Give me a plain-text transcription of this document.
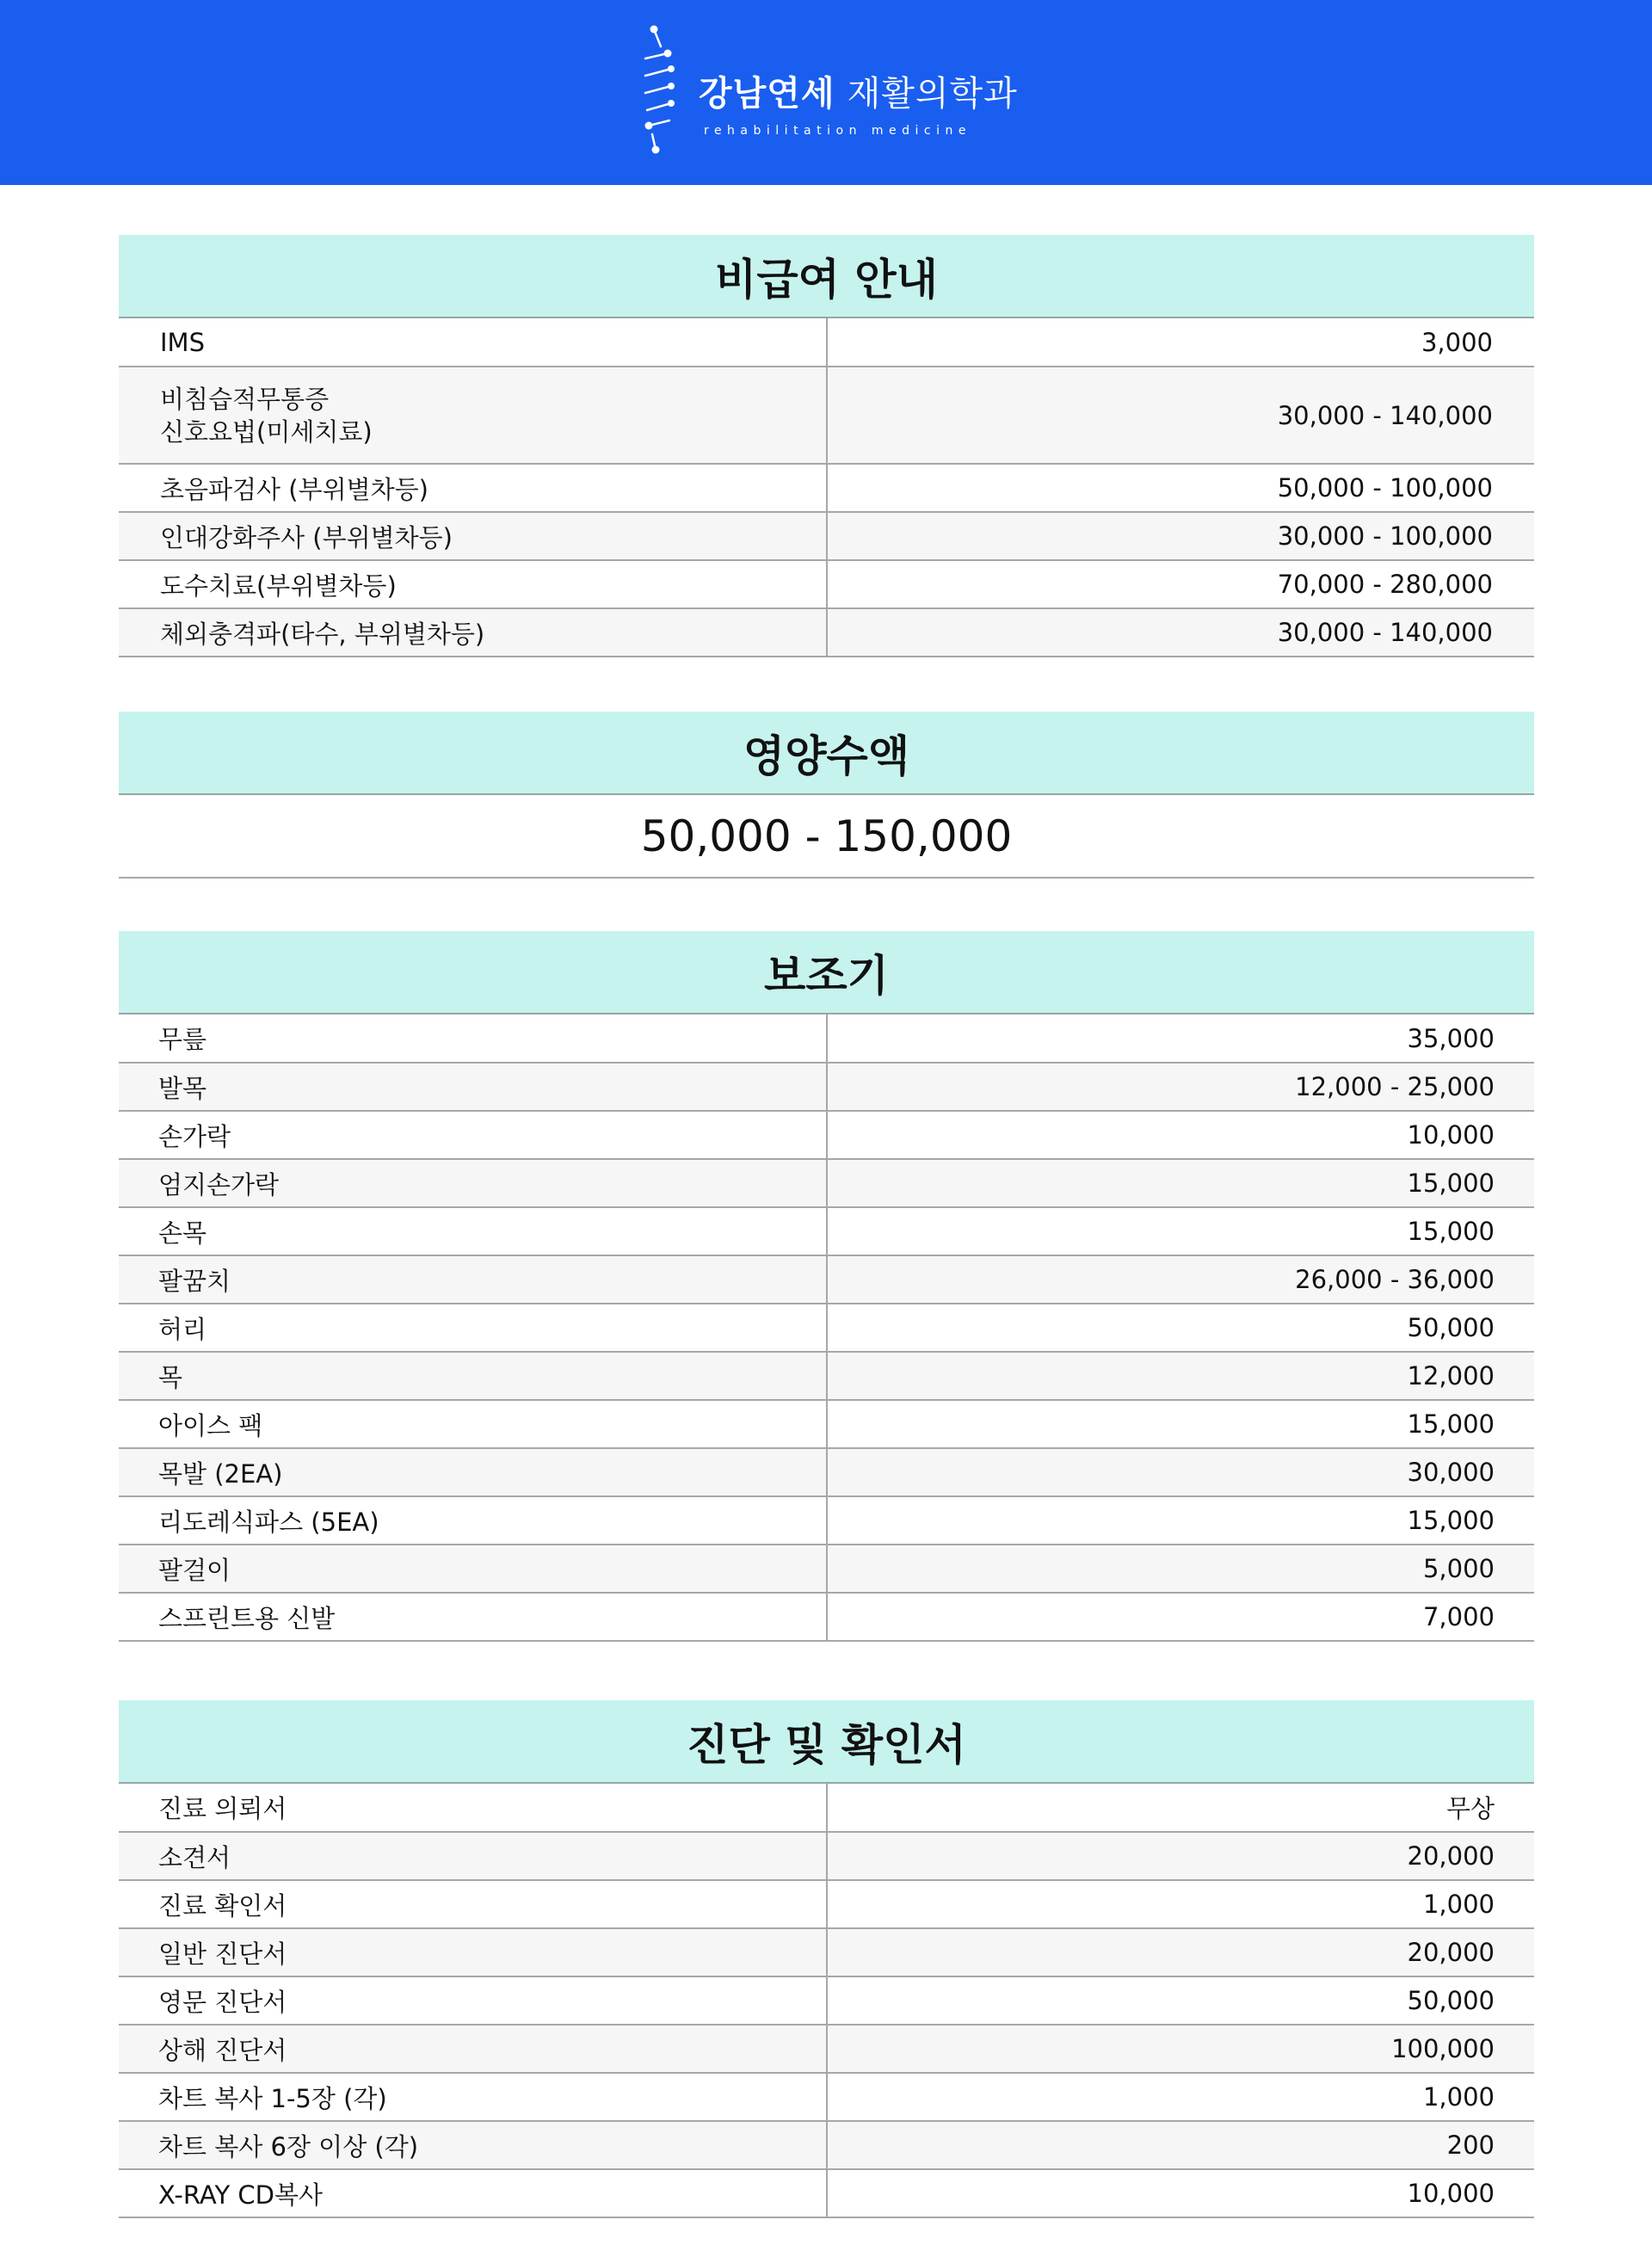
강남연세 재활의학과
rehabilitation medicine
비급여 안내
IMS	3,000

비침습적무통증
신호요법(미세치료)	30,000 - 140,000
초음파검사 (부위별차등)	50,000 - 100,000
인대강화주사 (부위별차등)	30,000 - 100,000
도수치료(부위별차등)	70,000 - 280,000
체외충격파(타수, 부위별차등)	30,000 - 140,000
영양수액
50,000 - 150,000
보조기
무릎	35,000
발목	12,000 - 25,000
손가락	10,000
엄지손가락	15,000
손목	15,000
팔꿈치	26,000 - 36,000
허리	50,000
목	12,000
아이스 팩	15,000
목발 (2EA)	30,000
리도레식파스 (5EA)	15,000
팔걸이	5,000
스프린트용 신발	7,000
진단 및 확인서
진료 의뢰서	무상
소견서	20,000
진료 확인서	1,000
일반 진단서	20,000
영문 진단서	50,000
상해 진단서	100,000
차트 복사 1-5장 (각)	1,000
차트 복사 6장 이상 (각)	200
X-RAY CD복사	10,000
